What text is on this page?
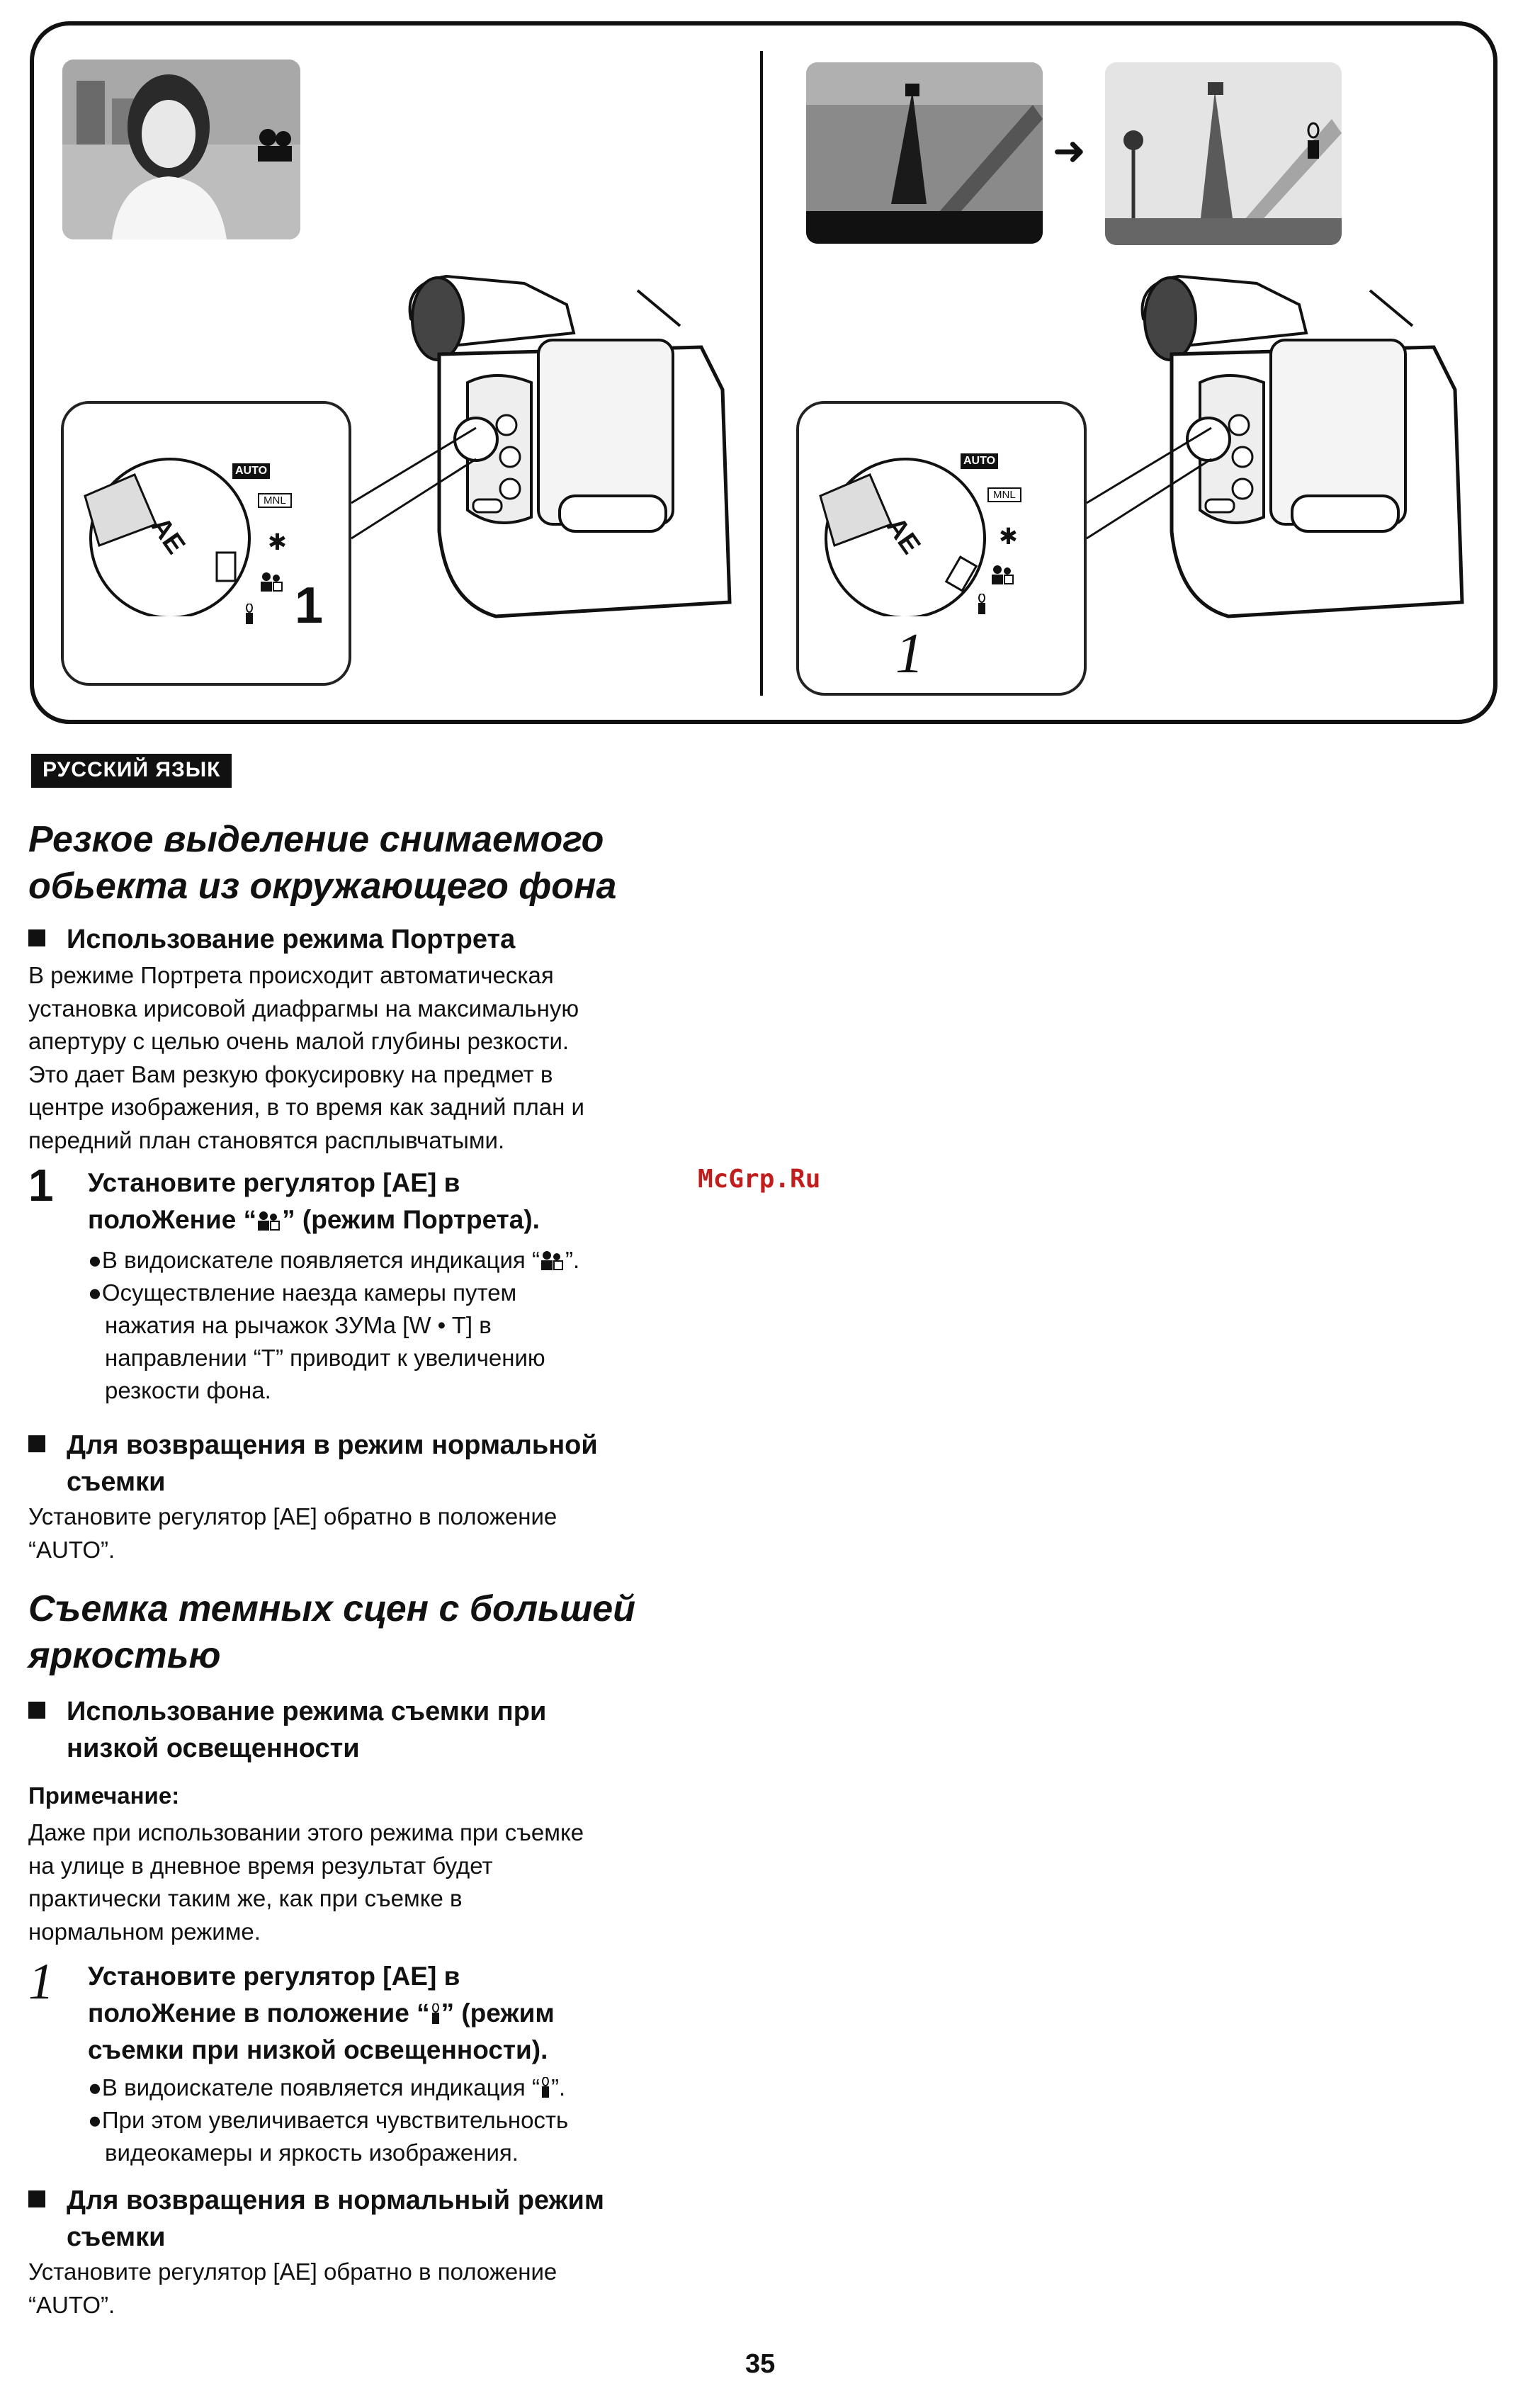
AE
AUTO
MNL
✱
1
➜
AE
AUTO
MNL
✱
1
РУССКИЙ ЯЗЫК
Резкое выделение снимаемого
обьекта из окружающего фона
Использование режима Портрета
В режиме Портрета происходит автоматическая
установка ирисовой диафрагмы на максимальную
апертуру с целью очень малой глубины резкости.
Это дает Вам резкую фокусировку на предмет в
центре изображения, в то время как задний план и
передний план становятся расплывчатыми.
1 Установите регулятор [AE] в
полоЖение “ ” (режим Портрета).
●В видоискателе появляется индикация “ ”.
●Осуществление наезда камеры путем
нажатия на рычажок ЗУМа [W • T] в
направлении “T” приводит к увеличению
резкости фона.
Для возвращения в режим нормальной
съемки
Установите регулятор [AE] обратно в положение
“AUTO”.
Съемка темных сцен с большей
яркостью
Использование режима съемки при
низкой освещенности
Примечание:
Даже при использовании этого режима при съемке
на улице в дневное время результат будет
практически таким же, как при съемке в
нормальном режиме.
1 Установите регулятор [AE] в
полоЖение в положение “ ” (режим
съемки при низкой освещенности).
●В видоискателе появляется индикация “ ”.
●При этом увеличивается чувствительность
видеокамеры и яркость изображения.
Для возвращения в нормальный режим
съемки
Установите регулятор [AE] обратно в положение
“AUTO”.
McGrp.Ru
35
